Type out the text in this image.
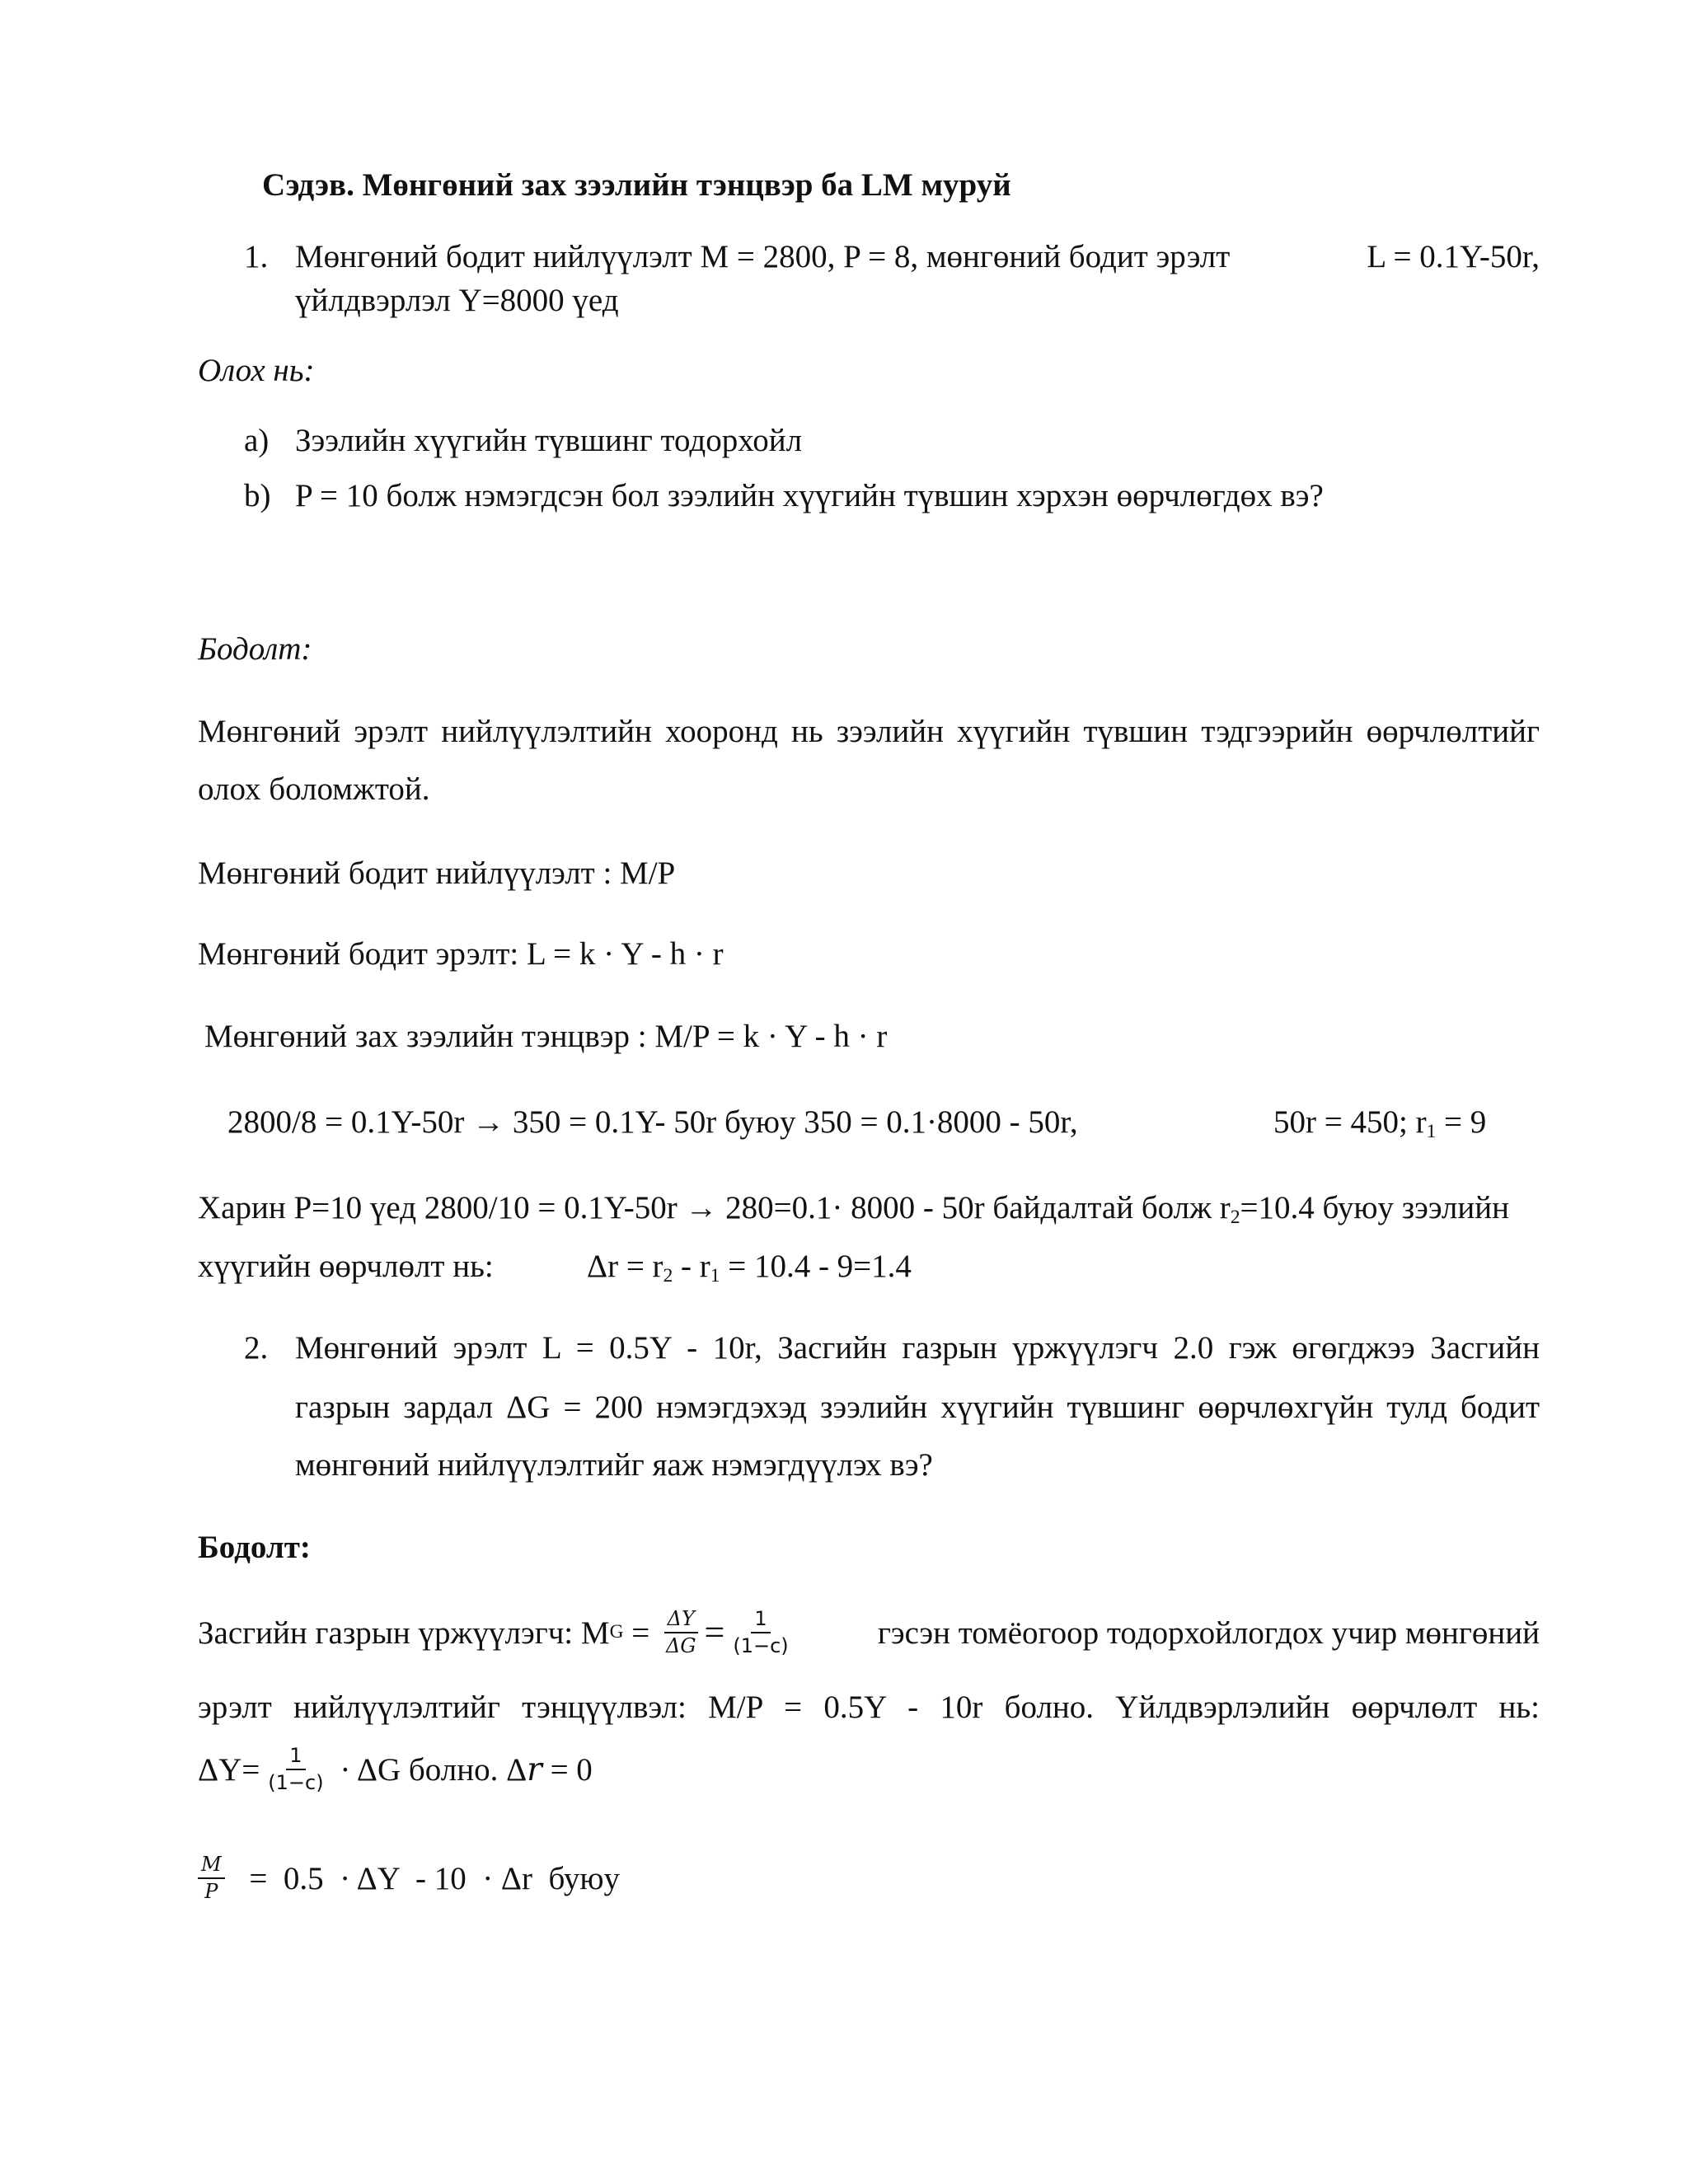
Сэдэв. Мөнгөний зах зээлийн тэнцвэр ба LM муруй
1. Мөнгөний бодит нийлүүлэлт M = 2800, P = 8, мөнгөний бодит эрэлт	L = 0.1Y-50r,
үйлдвэрлэл Y=8000 үед
Олох нь:
a) Зээлийн хүүгийн түвшинг тодорхойл
b) P = 10 болж нэмэгдсэн бол зээлийн хүүгийн түвшин хэрхэн өөрчлөгдөх вэ?
Бодолт:
Мөнгөний эрэлт нийлүүлэлтийн хооронд нь зээлийн хүүгийн түвшин тэдгээрийн өөрчлөлтийг
олох боломжтой.
Мөнгөний бодит нийлүүлэлт : M/P
Мөнгөний бодит эрэлт: L = k · Y - h · r
Мөнгөний зах зээлийн тэнцвэр : M/P = k · Y - h · r
2800/8 = 0.1Y-50r → 350 = 0.1Y- 50r буюу 350 = 0.1·8000 - 50r,	50r = 450; $r_1 = 9$
Харин P=10 үед 2800/10 = 0.1Y-50r → 280=0.1· 8000 - 50r байдалтай болж $r_2=10.4$ буюу зээлийн
хүүгийн өөрчлөлт нь:	$\Delta r = r_2 - r_1 = 10.4 - 9=1.4$
2. Мөнгөний эрэлт L = 0.5Y - 10r, Засгийн газрын үржүүлэгч 2.0 гэж өгөгджээ Засгийн
газрын зардал ΔG = 200 нэмэгдэхэд зээлийн хүүгийн түвшинг өөрчлөхгүйн тулд бодит
мөнгөний нийлүүлэлтийг яаж нэмэгдүүлэх вэ?
Бодолт:
Засгийн газрын үржүүлэгч: M $G = \frac{\Delta Y}{\Delta G} = \frac{1}{(1-c)}$	гэсэн томёогоор тодорхойлогдох учир мөнгөний
эрэлт нийлүүлэлтийг тэнцүүлвэл: M/P = 0.5Y - 10r болно. Үйлдвэрлэлийн өөрчлөлт нь:
$\Delta Y= \frac{1}{(1-c)} \cdot \Delta G$ болно. Δ r = 0
$\frac{M}{P} = 0.5 \cdot \Delta Y - 10 \cdot \Delta r$  буюу
